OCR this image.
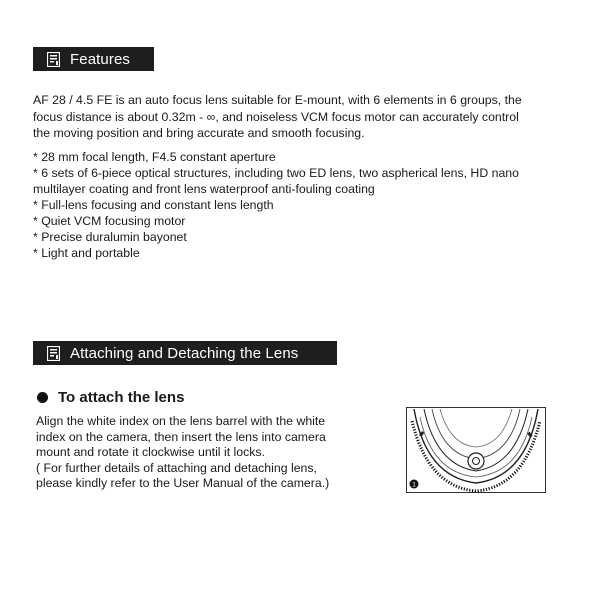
Features

AF 28 / 4.5 FE is an auto focus lens suitable for E-mount, with 6 elements in 6 groups, the focus distance is about 0.32m - ∞, and noiseless VCM focus motor can accurately control the moving position and bring accurate and smooth focusing.

* 28 mm focal length, F4.5 constant aperture
* 6 sets of 6-piece optical structures, including two ED lens, two aspherical lens, HD nano multilayer coating and front lens waterproof anti-fouling coating
* Full-lens focusing and constant lens length
* Quiet VCM focusing motor
* Precise duralumin bayonet
* Light and portable
Attaching and Detaching the Lens
To attach the lens
Align the white index on the lens barrel with the white
index on the camera, then insert the lens into camera
mount and rotate it clockwise until it locks.
( For further details of attaching and detaching lens,
please kindly refer to the User Manual of the camera.)	1
